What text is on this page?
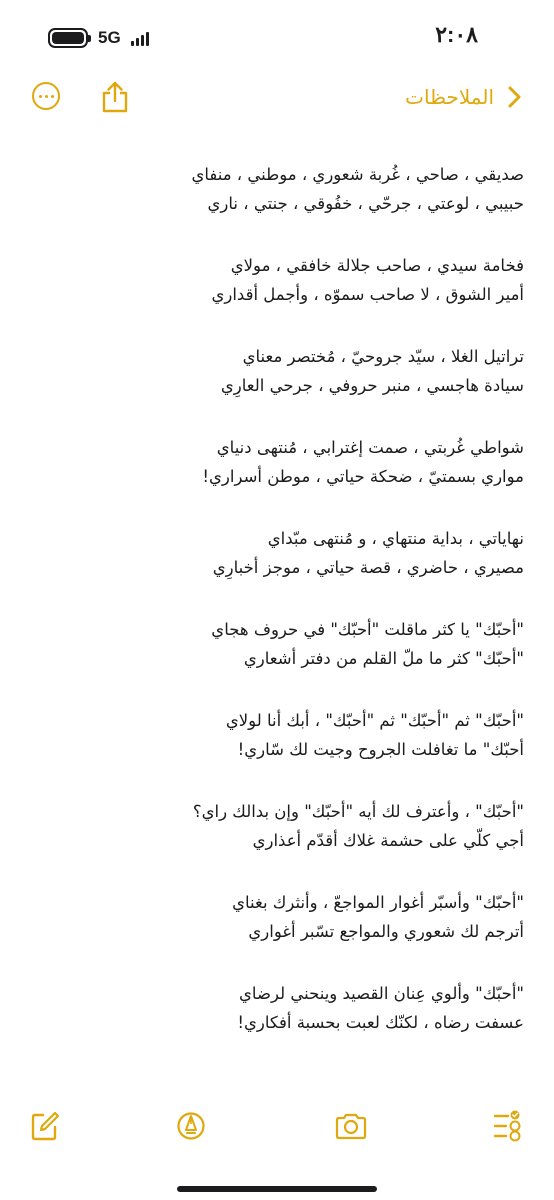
5G	٢:٠٨
الملاحظات
صديقي ، صاحي ، غُربة شعوري ، موطني ، منفاي
حبيبي ، لوعتي ، جرحّي ، خفُوقي ، جنتي ، ناري
فخامة سيدي ، صاحب جلالة خافقي ، مولاي
أمير الشوق ، لا صاحب سموّه ، وأجمل أقداري
تراتيل الغلا ، سيّد جروحيّ ، مُختصر معناي
سيادة هاجسي ، منبر حروفي ، جرحي العارِي
شواطي غُربتي ، صمت إغترابي ، مُنتهى دنياي
مواري بسمتيّ ، ضحكة حياتي ، موطن أسراري!
نهاياتي ، بداية منتهاي ، و مُنتهى مبّداي
مصيري ، حاضري ، قصة حياتي ، موجز أخبارِي
"أحبّك" يا كثر ماقلت "أحبّك" في حروف هجاي
"أحبّك" كثر ما ملّ القلم من دفتر أشعاري
"أحبّك" ثم "أحبّك" ثم "أحبّك" ، أبك أنا لولاي
أحبّك" ما تغافلت الجروح وجيت لك سّاري!
"أحبّك" ، وأعترف لك أيه "أحبّك" وإن بدالك راي؟
أجي كلّي على حشمة غلاك أقدّم أعذاري
"أحبّك" وأسبّر أغوار المواجعّ ، وأنثرك بغناي
أترجم لك شعوري والمواجع تسّبر أغواري
"أحبّك" وألوي عِنان القصيد وينحني لرضاي
عسفت رضاه ، لكنّك لعبت بحسبة أفكاري!
